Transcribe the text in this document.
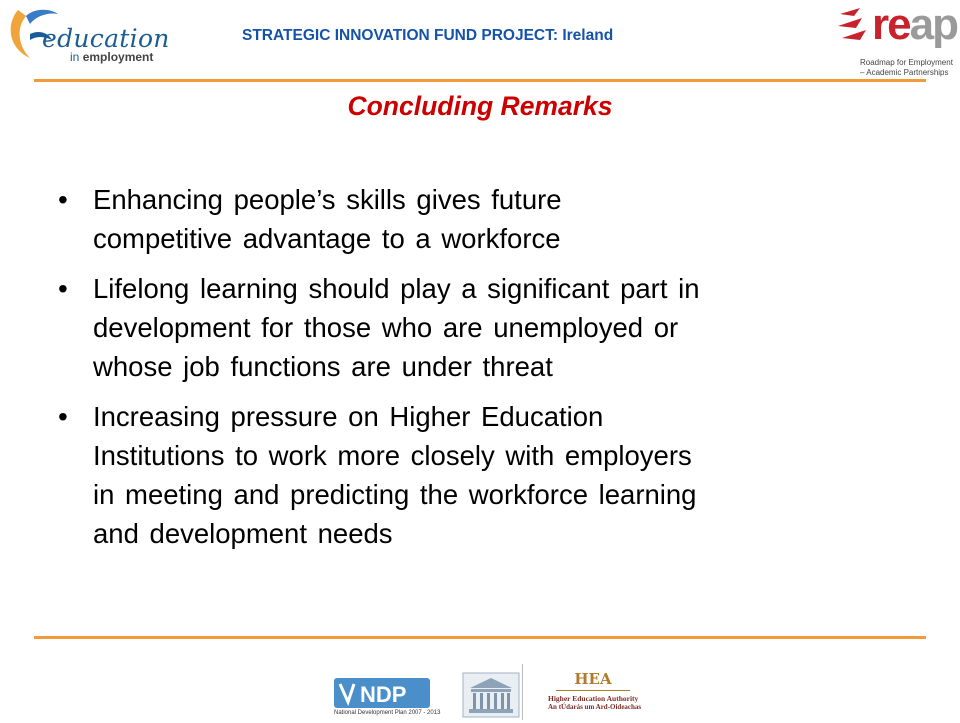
education
in employment
STRATEGIC INNOVATION FUND PROJECT: Ireland	reap
Roadmap for Employment
– Academic Partnerships
Concluding Remarks
• Enhancing people’s skills gives future
competitive advantage to a workforce
• Lifelong learning should play a significant part in
development for those who are unemployed or
whose job functions are under threat
• Increasing pressure on Higher Education
Institutions to work more closely with employers
in meeting and predicting the workforce learning
and development needs
NDP
National Development Plan 2007 - 2013
HEA
Higher Education Authority
An tÚdarás um Ard-Oideachas
